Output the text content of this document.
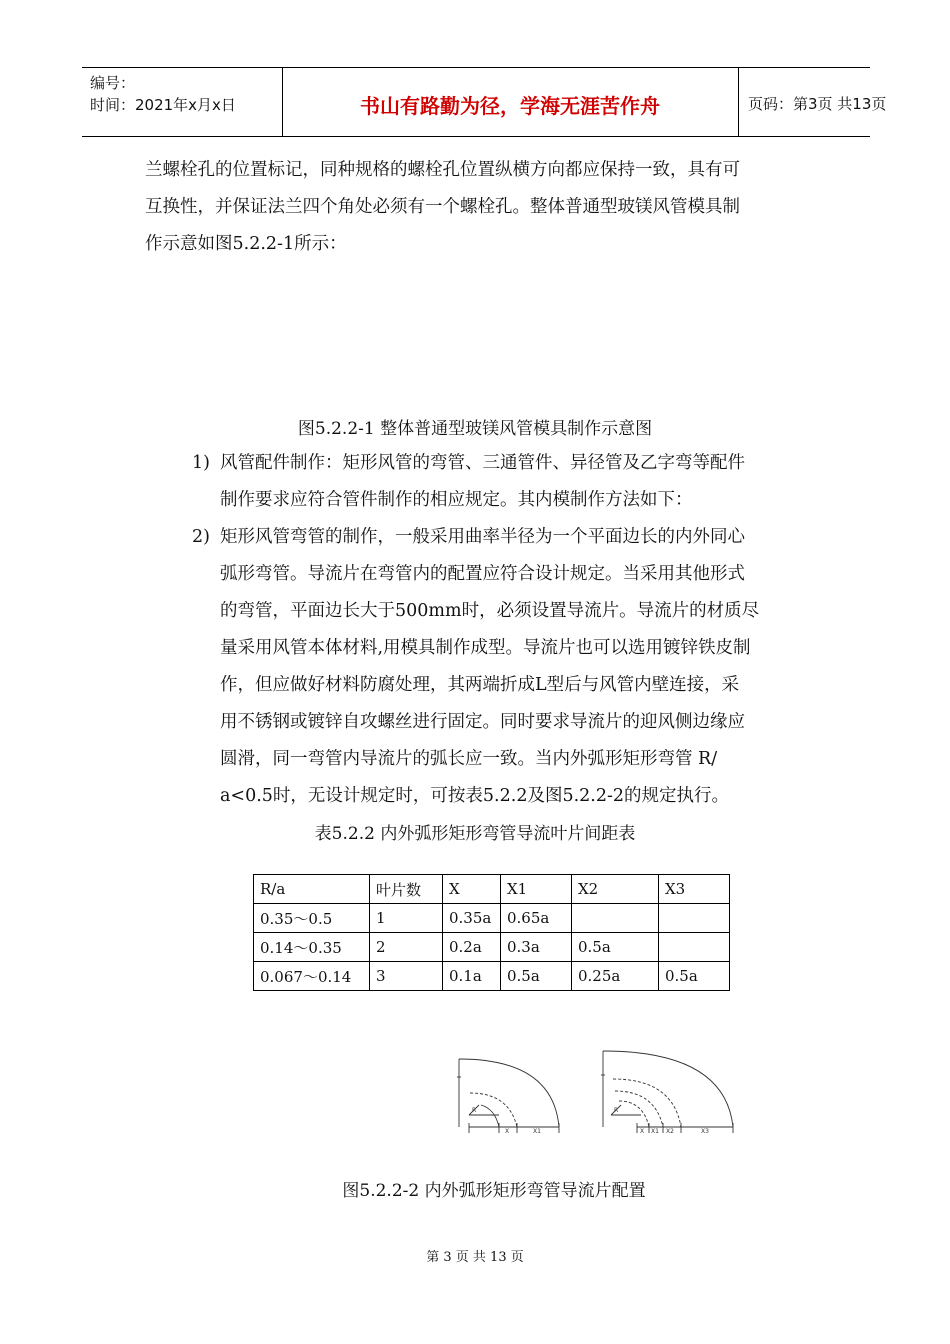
编号：
时间：2021年x月x日	书山有路勤为径，学海无涯苦作舟	页码：第3页 共13页
兰螺栓孔的位置标记，同种规格的螺栓孔位置纵横方向都应保持一致，具有可
互换性，并保证法兰四个角处必须有一个螺栓孔。整体普通型玻镁风管模具制
作示意如图5.2.2-1所示：
图5.2.2-1 整体普通型玻镁风管模具制作示意图
1) 风管配件制作：矩形风管的弯管、三通管件、异径管及乙字弯等配件
制作要求应符合管件制作的相应规定。其内模制作方法如下：
2) 矩形风管弯管的制作，一般采用曲率半径为一个平面边长的内外同心
弧形弯管。导流片在弯管内的配置应符合设计规定。当采用其他形式
的弯管，平面边长大于500mm时，必须设置导流片。导流片的材质尽
量采用风管本体材料,用模具制作成型。导流片也可以选用镀锌铁皮制
作，但应做好材料防腐处理，其两端折成L型后与风管内壁连接，采
用不锈钢或镀锌自攻螺丝进行固定。同时要求导流片的迎风侧边缘应
圆滑，同一弯管内导流片的弧长应一致。当内外弧形矩形弯管 R/
a<0.5时，无设计规定时，可按表5.2.2及图5.2.2-2的规定执行。
表5.2.2 内外弧形矩形弯管导流叶片间距表
R/a	叶片数	X	X1	X2	X3
0.35～0.5	1	0.35a	0.65a		
0.14～0.35	2	0.2a	0.3a	0.5a	
0.067～0.14	3	0.1a	0.5a	0.25a	0.5a
R
X	X1
R
X X1 X2	X3
图5.2.2-2 内外弧形矩形弯管导流片配置
第 3 页 共 13 页
